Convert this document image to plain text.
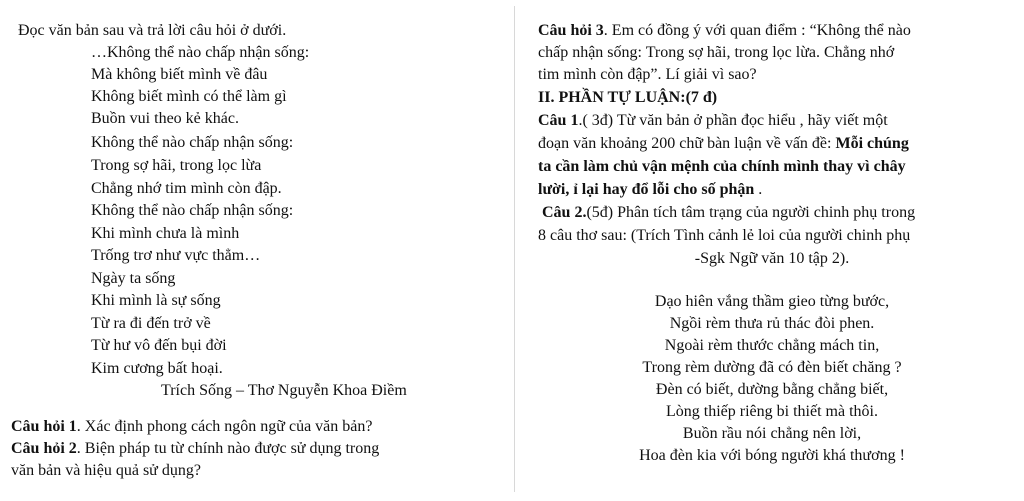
Đọc văn bản sau và trả lời câu hỏi ở dưới.
…Không thể nào chấp nhận sống:
Mà không biết mình về đâu
Không biết mình có thể làm gì
Buồn vui theo kẻ khác.
Không thể nào chấp nhận sống:
Trong sợ hãi, trong lọc lừa
Chẳng nhớ tim mình còn đập.
Không thể nào chấp nhận sống:
Khi mình chưa là mình
Trống trơ như vực thẳm…
Ngày ta sống
Khi mình là sự sống
Từ ra đi đến trở về
Từ hư vô đến bụi đời
Kim cương bất hoại.
Trích Sống – Thơ Nguyễn Khoa Điềm
Câu hỏi 1. Xác định phong cách ngôn ngữ của văn bản?
Câu hỏi 2. Biện pháp tu từ chính nào được sử dụng trong
văn bản và hiệu quả sử dụng?
Câu hỏi 3. Em có đồng ý với quan điểm : “Không thể nào
chấp nhận sống: Trong sợ hãi, trong lọc lừa. Chẳng nhớ
tim mình còn đập”. Lí giải vì sao?
II. PHẦN TỰ LUẬN:(7 đ)
Câu 1.( 3đ) Từ văn bản ở phần đọc hiểu , hãy viết một
đoạn văn khoảng 200 chữ bàn luận về vấn đề: Mỗi chúng
ta cần làm chủ vận mệnh của chính mình thay vì chây
lười, ỉ lại hay đổ lỗi cho số phận .
Câu 2.(5đ) Phân tích tâm trạng của người chinh phụ trong
8 câu thơ sau: (Trích Tình cảnh lẻ loi của người chinh phụ
-Sgk Ngữ văn 10 tập 2).
Dạo hiên vắng thầm gieo từng bước,
Ngồi rèm thưa rủ thác đòi phen.
Ngoài rèm thước chẳng mách tin,
Trong rèm dường đã có đèn biết chăng ?
Đèn có biết, dường bằng chẳng biết,
Lòng thiếp riêng bi thiết mà thôi.
Buồn rầu nói chẳng nên lời,
Hoa đèn kia với bóng người khá thương !
